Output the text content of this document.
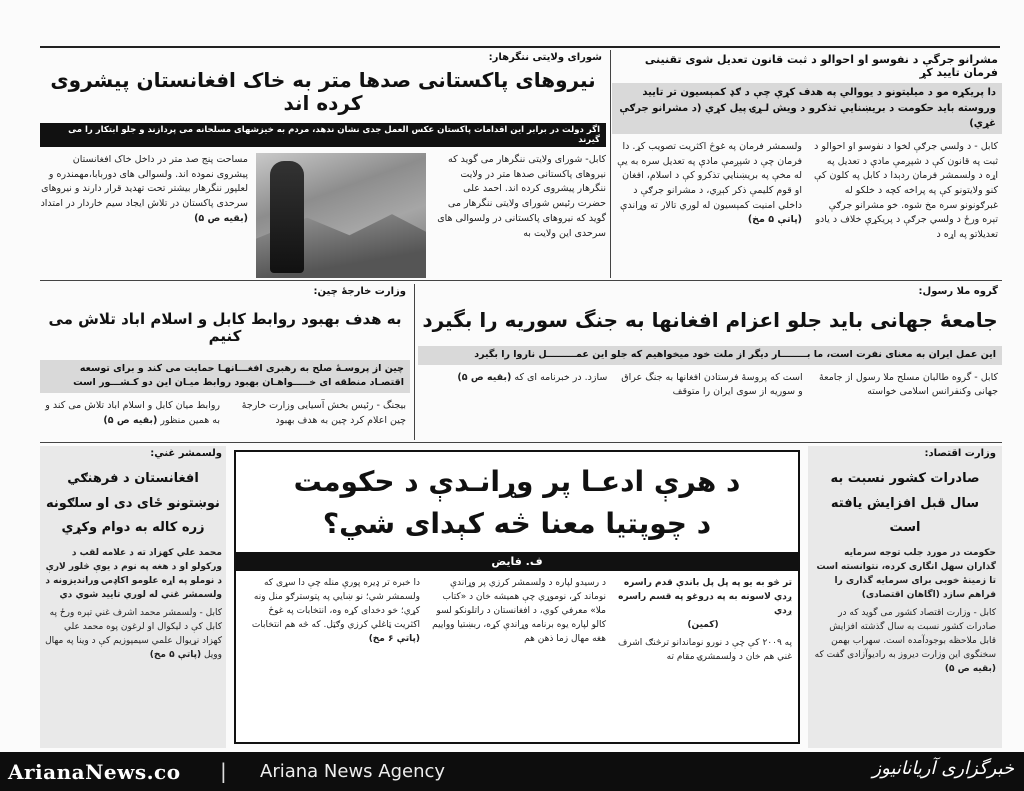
مشرانو جرگې د نفوسو او احوالو د ثبت قانون تعدیل شوی تقنینی فرمان تایید کړ
دا پریکړه مو د میلیتونو د یووالي په هدف کړې چې د ګډ کمېسیون تر تایید وروسته بايد حکومت د بریښنايي تذکرو د ویش لـړۍ پیل کړي (د مشرانو جرګې غړي)
کابل - د ولسي جرګې لخوا د نفوسو او احوالو د ثبت په قانون کې د شپږمې مادې د تعدیل په اړه د ولسمشر فرمان ردېدا د کابل په کلون کې کنو ولایتونو کې په پراخه کچه د خلکو له غبرګونونو سره مخ شوه. خو مشرانو جرګې تېره ورځ د ولسي جرګې د پریکړې خلاف د یادو تعدیلاتو په اړه د
ولسمشر فرمان په غوڅ اکثریت تصویب کړ. دا فرمان چې د شپږمې مادې په تعدیل سره به یې له مخې په بریښنايي تذکرو کې د اسلام، افغان او قوم کلیمې ذکر کېږي، د مشرانو جرګې د داخلي امنیت کمېسیون له لوري تالار ته وړاندې (پاتې ۵ مخ)
شورای ولایتی ننگرهار:
نیروهای پاکستانی صدها متر به خاک افغانستان پیشروی کرده اند
اگر دولت در برابر این اقدامات پاکستان عکس العمل جدی نشان ندهد، مردم به خیزشهای مسلحانه می پردازند و جلو ابتکار را می گیرند
کابل- شورای ولایتی ننگرهار می گوید که نیروهای پاکستانی صدها متر در ولایت ننگرهار پیشروی کرده اند. احمد علی حضرت رئیس شورای ولایتی ننگرهار می گوید که نیروهای پاکستانی در ولسوالی های سرحدی این ولایت به
مساحت پنج صد متر در داخل خاک افغانستان پیشروی نموده اند. ولسوالی های دوربابا،مهمندره و لعلپور ننگرهار بیشتر تحت تهدید قرار دارند و نیروهای سرحدی پاکستان در تلاش ایجاد سیم خاردار در امتداد (بقیه ص ۵)
گروه ملا رسول:
جامعۀ جهانی باید جلو اعزام افغانها به جنگ سوریه را بگیرد
این عمل ایران به معنای نفرت است، ما بــــــــار دیگر از ملت خود میخواهیم که جلو این عمـــــــــل ناروا را بگیرد
کابل - گروه طالبان مسلح ملا رسول از جامعۀ جهانی وکنفرانس اسلامی خواسته
است که پروسۀ فرستادن افغانها به جنگ عراق و سوریه از سوی ایران را متوقف
سازد. در خبرنامه ای که (بقیه ص ۵)
وزارت خارجۀ چین:
به هدف بهبود روابط کابل و اسلام اباد تلاش می کنیم
چین از پروسـۀ صلح به رهبری افغـــانهـا حمایت می کند و برای توسعه اقتصـاد منطقه ای خـــــواهـان بهبود روابط میـان این دو کـشـــور است
بیجنگ - رئیس بخش آسیایی وزارت خارجۀ چین اعلام کرد چین به هدف بهبود
روابط میان کابل و اسلام اباد تلاش می کند و به همین منظور (بقیه ص ۵)
ولسمشر غني:
افغانستان د فرهنګي نوښتونو ځای دی او سلګونه زره کاله به دوام وکړي
محمد علي کهزاد ته د علامه لقب د ورکولو او د هغه په نوم د يوې څلور لارې د نوملو په اړه علومو اکاډمۍ وراندیزونه د ولسمشر غني له لوري تایید شوي دي
کابل - ولسمشر محمد اشرف غني تېره ورځ په کابل کې د لیکوال او لرغون پوه محمد علي کهزاد نړیوال علمي سیمپوزیم کې د وینا په مهال وويل (پاتې ۵ مخ)
د هرې ادعـا پر وړانـدې د حکومت
د چوپتیا معنا څه کېدای شي؟
ف. فایض
تر څو به یو په پل پل باندې قدم راسره ږدي لاسونه به په دروغو په قسم راسره ږدي
(کمین)
په ۲۰۰۹ کې چې د نورو نوماندانو ترڅنګ اشرف غني هم خان د ولسمشرۍ مقام ته
د رسیدو لپاره د ولسمشر کرزي پر وړاندې نوماند کړ، نوموړي چې همیشه خان د «کتاب ملا» معرفي کوي، د افغانستان د راتلونکو لسو کالو لپاره یوه برنامه وړاندې کړه، ربښتیا وواییم هغه مهال زما ذهن هم
دا خبره تر ډیره پورې منله چې دا سړی که ولسمشر شي؛ نو ښایي په پتوسترګو منل ونه کړي؛ خو دخدای کړه وه، انتخابات په غوڅ اکثریت ټاغلي کرزي وګټل. که څه هم انتخابات (پاتې ۶ مخ)
وزارت اقتصاد:
صادرات کشور نسبت به سال قبل افزایش یافته است
حکومت در مورد جلب توجه سرمایه گذاران سهل انگاری کرده، نتوانسته است تا زمینۀ خوبی برای سرمایه گذاری را فراهم سازد (اگاهان اقتصادی)
کابل - وزارت اقتصاد کشور می گوید که در صادرات کشور نسبت به سال گذشته افزایش قابل ملاحظه بوجودآمده است. سهراب بهمن سخنگوی این وزارت دیروز به رادیوآزادی گفت که (بقیه ص ۵)
ArianaNews.co | Ariana News Agency	خبرگزاری آریانانیوز
